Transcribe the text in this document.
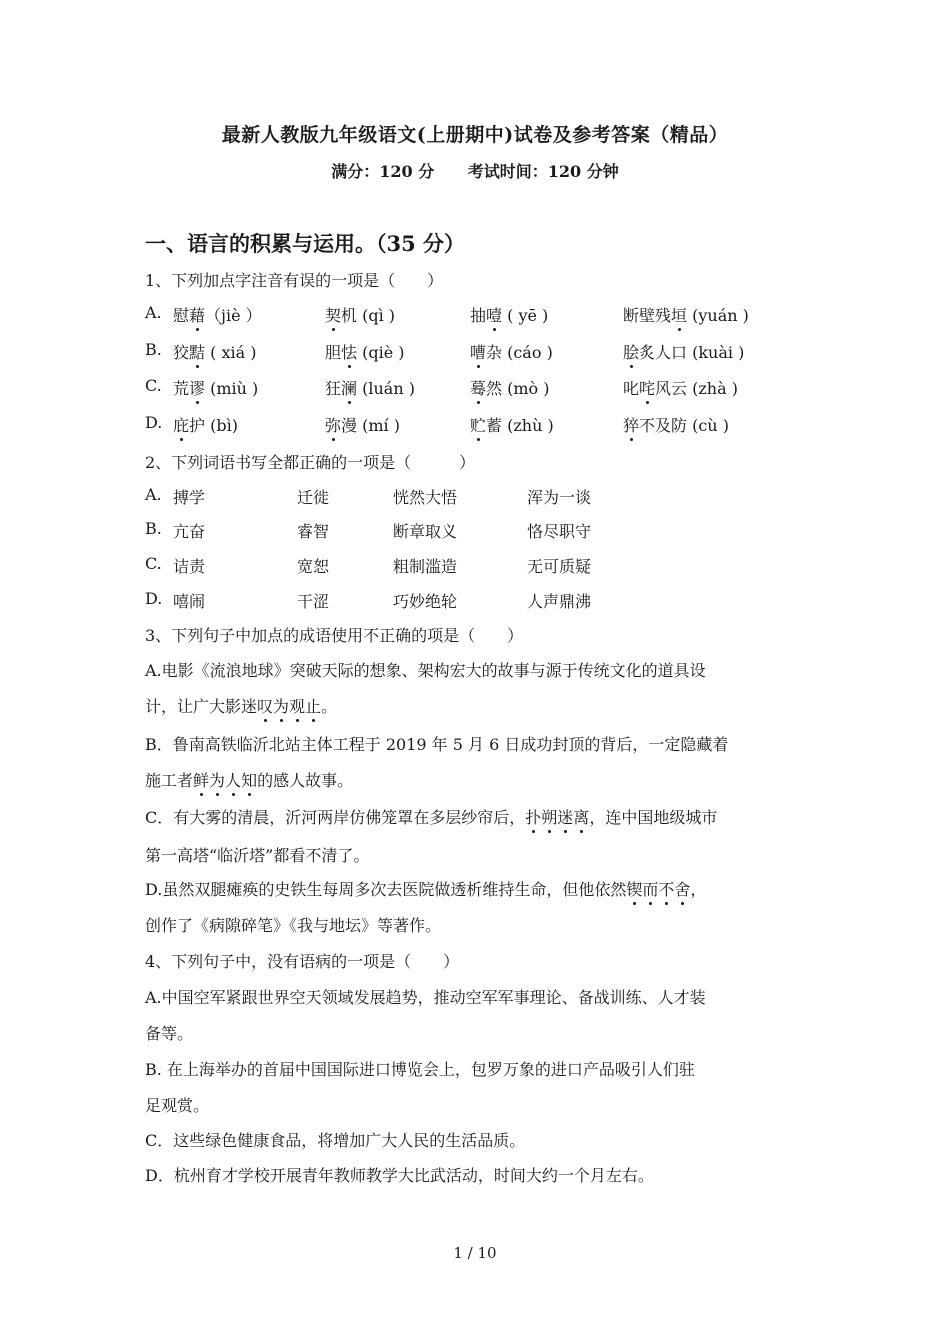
最新人教版九年级语文(上册期中)试卷及参考答案（精品）
满分：120 分 考试时间：120 分钟
一、语言的积累与运用。（35 分）
1、下列加点字注音有误的一项是（　　）
A. 慰藉（jiè ）	契机 (qì )	抽噎 ( yē )	断壁残垣 (yuán )
B. 狡黠 ( xiá )	胆怯 (qiè )	嘈杂 (cáo )	脍炙人口 (kuài )
C. 荒谬 (miù )	狂澜 (luán )	蓦然 (mò )	叱咤风云 (zhà )
D. 庇护 (bì)	弥漫 (mí )	贮蓄 (zhù )	猝不及防 (cù )
2、下列词语书写全都正确的一项是（　　　）
A. 搏学	迁徙	恍然大悟	浑为一谈
B. 亢奋	睿智	断章取义	恪尽职守
C. 诘责	宽恕	粗制滥造	无可质疑
D. 嘻闹	干涩	巧妙绝轮	人声鼎沸
3、下列句子中加点的成语使用不正确的项是（　　）
A.电影《流浪地球》突破天际的想象、架构宏大的故事与源于传统文化的道具设
计，让广大影迷叹为观止。
B．鲁南高铁临沂北站主体工程于 2019 年 5 月 6 日成功封顶的背后，一定隐藏着
施工者鲜为人知的感人故事。
C．有大雾的清晨，沂河两岸仿佛笼罩在多层纱帘后，扑朔迷离，连中国地级城市
第一高塔“临沂塔”都看不清了。
D.虽然双腿瘫痪的史铁生每周多次去医院做透析维持生命，但他依然锲而不舍，
创作了《病隙碎笔》《我与地坛》等著作。
4、下列句子中，没有语病的一项是（　　）
A.中国空军紧跟世界空天领域发展趋势，推动空军军事理论、备战训练、人才装
备等。
B. 在上海举办的首届中国国际进口博览会上，包罗万象的进口产品吸引人们驻
足观赏。
C．这些绿色健康食品，将增加广大人民的生活品质。
D．杭州育才学校开展青年教师教学大比武活动，时间大约一个月左右。
1 / 10
